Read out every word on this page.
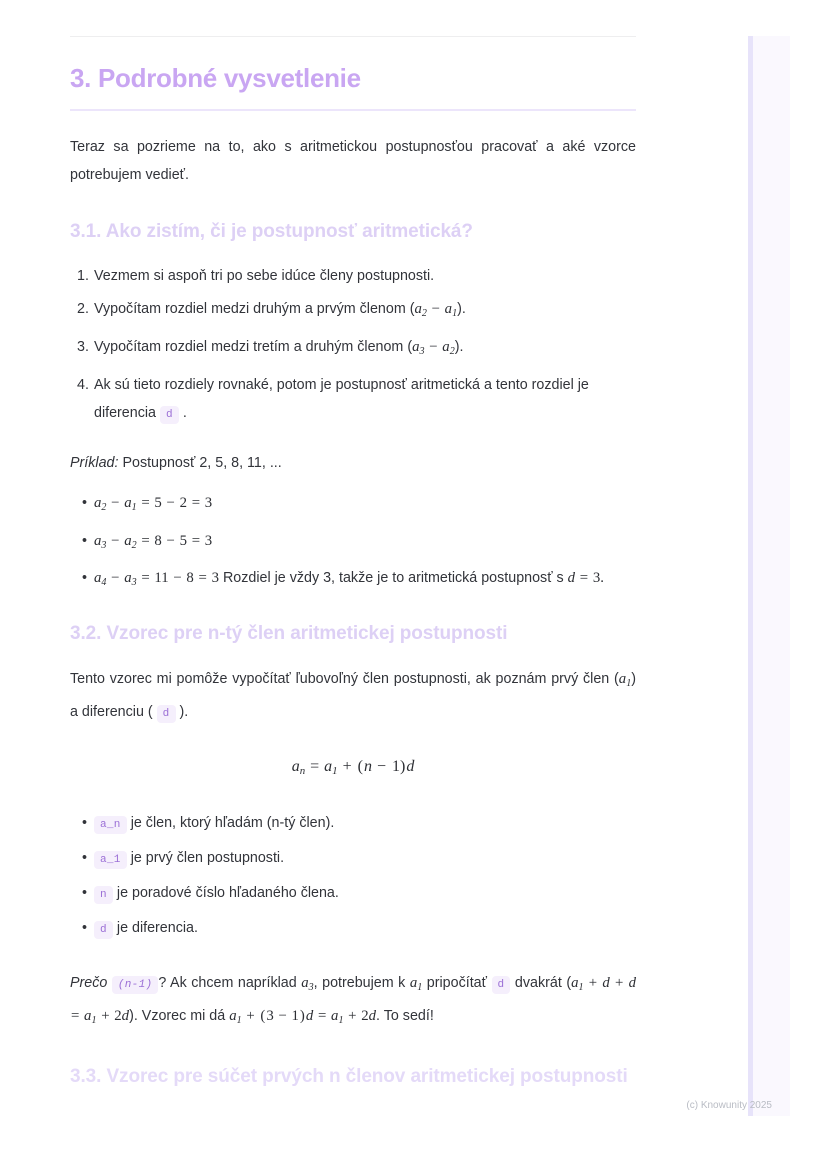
3. Podrobné vysvetlenie

Teraz sa pozrieme na to, ako s aritmetickou postupnosťou pracovať a aké vzorce potrebujem vedieť.

3.1. Ako zistím, či je postupnosť aritmetická?
1. Vezmem si aspoň tri po sebe idúce členy postupnosti.
2. Vypočítam rozdiel medzi druhým a prvým členom $(a_2 - a_1)$.
3. Vypočítam rozdiel medzi tretím a druhým členom $(a_3 - a_2)$.
4. Ak sú tieto rozdiely rovnaké, potom je postupnosť aritmetická a tento rozdiel je diferencia d .

Príklad: Postupnosť 2, 5, 8, 11, ...

• $a_2 - a_1 = 5 - 2 = 3$
• $a_3 - a_2 = 8 - 5 = 3$
• $a_4 - a_3 = 11 - 8 = 3$ Rozdiel je vždy 3, takže je to aritmetická postupnosť s d = 3.
3.2. Vzorec pre n-tý člen aritmetickej postupnosti

Tento vzorec mi pomôže vypočítať ľubovoľný člen postupnosti, ak poznám prvý člen $(a_1)$ a diferenciu ( d ).

$a_n = a_1 + (n - 1)d$
• a_n je člen, ktorý hľadám (n-tý člen).
• a_1 je prvý člen postupnosti.
• n je poradové číslo hľadaného člena.
• d je diferencia.

Prečo (n-1) ? Ak chcem napríklad $a_3$, potrebujem k $a_1$ pripočítať d dvakrát $(a_1 + d + d = a_1 + 2d)$. Vzorec mi dá $a_1 + (3 - 1)d = a_1 + 2d$. To sedí!

3.3. Vzorec pre súčet prvých n členov aritmetickej postupnosti
(c) Knowunity 2025
